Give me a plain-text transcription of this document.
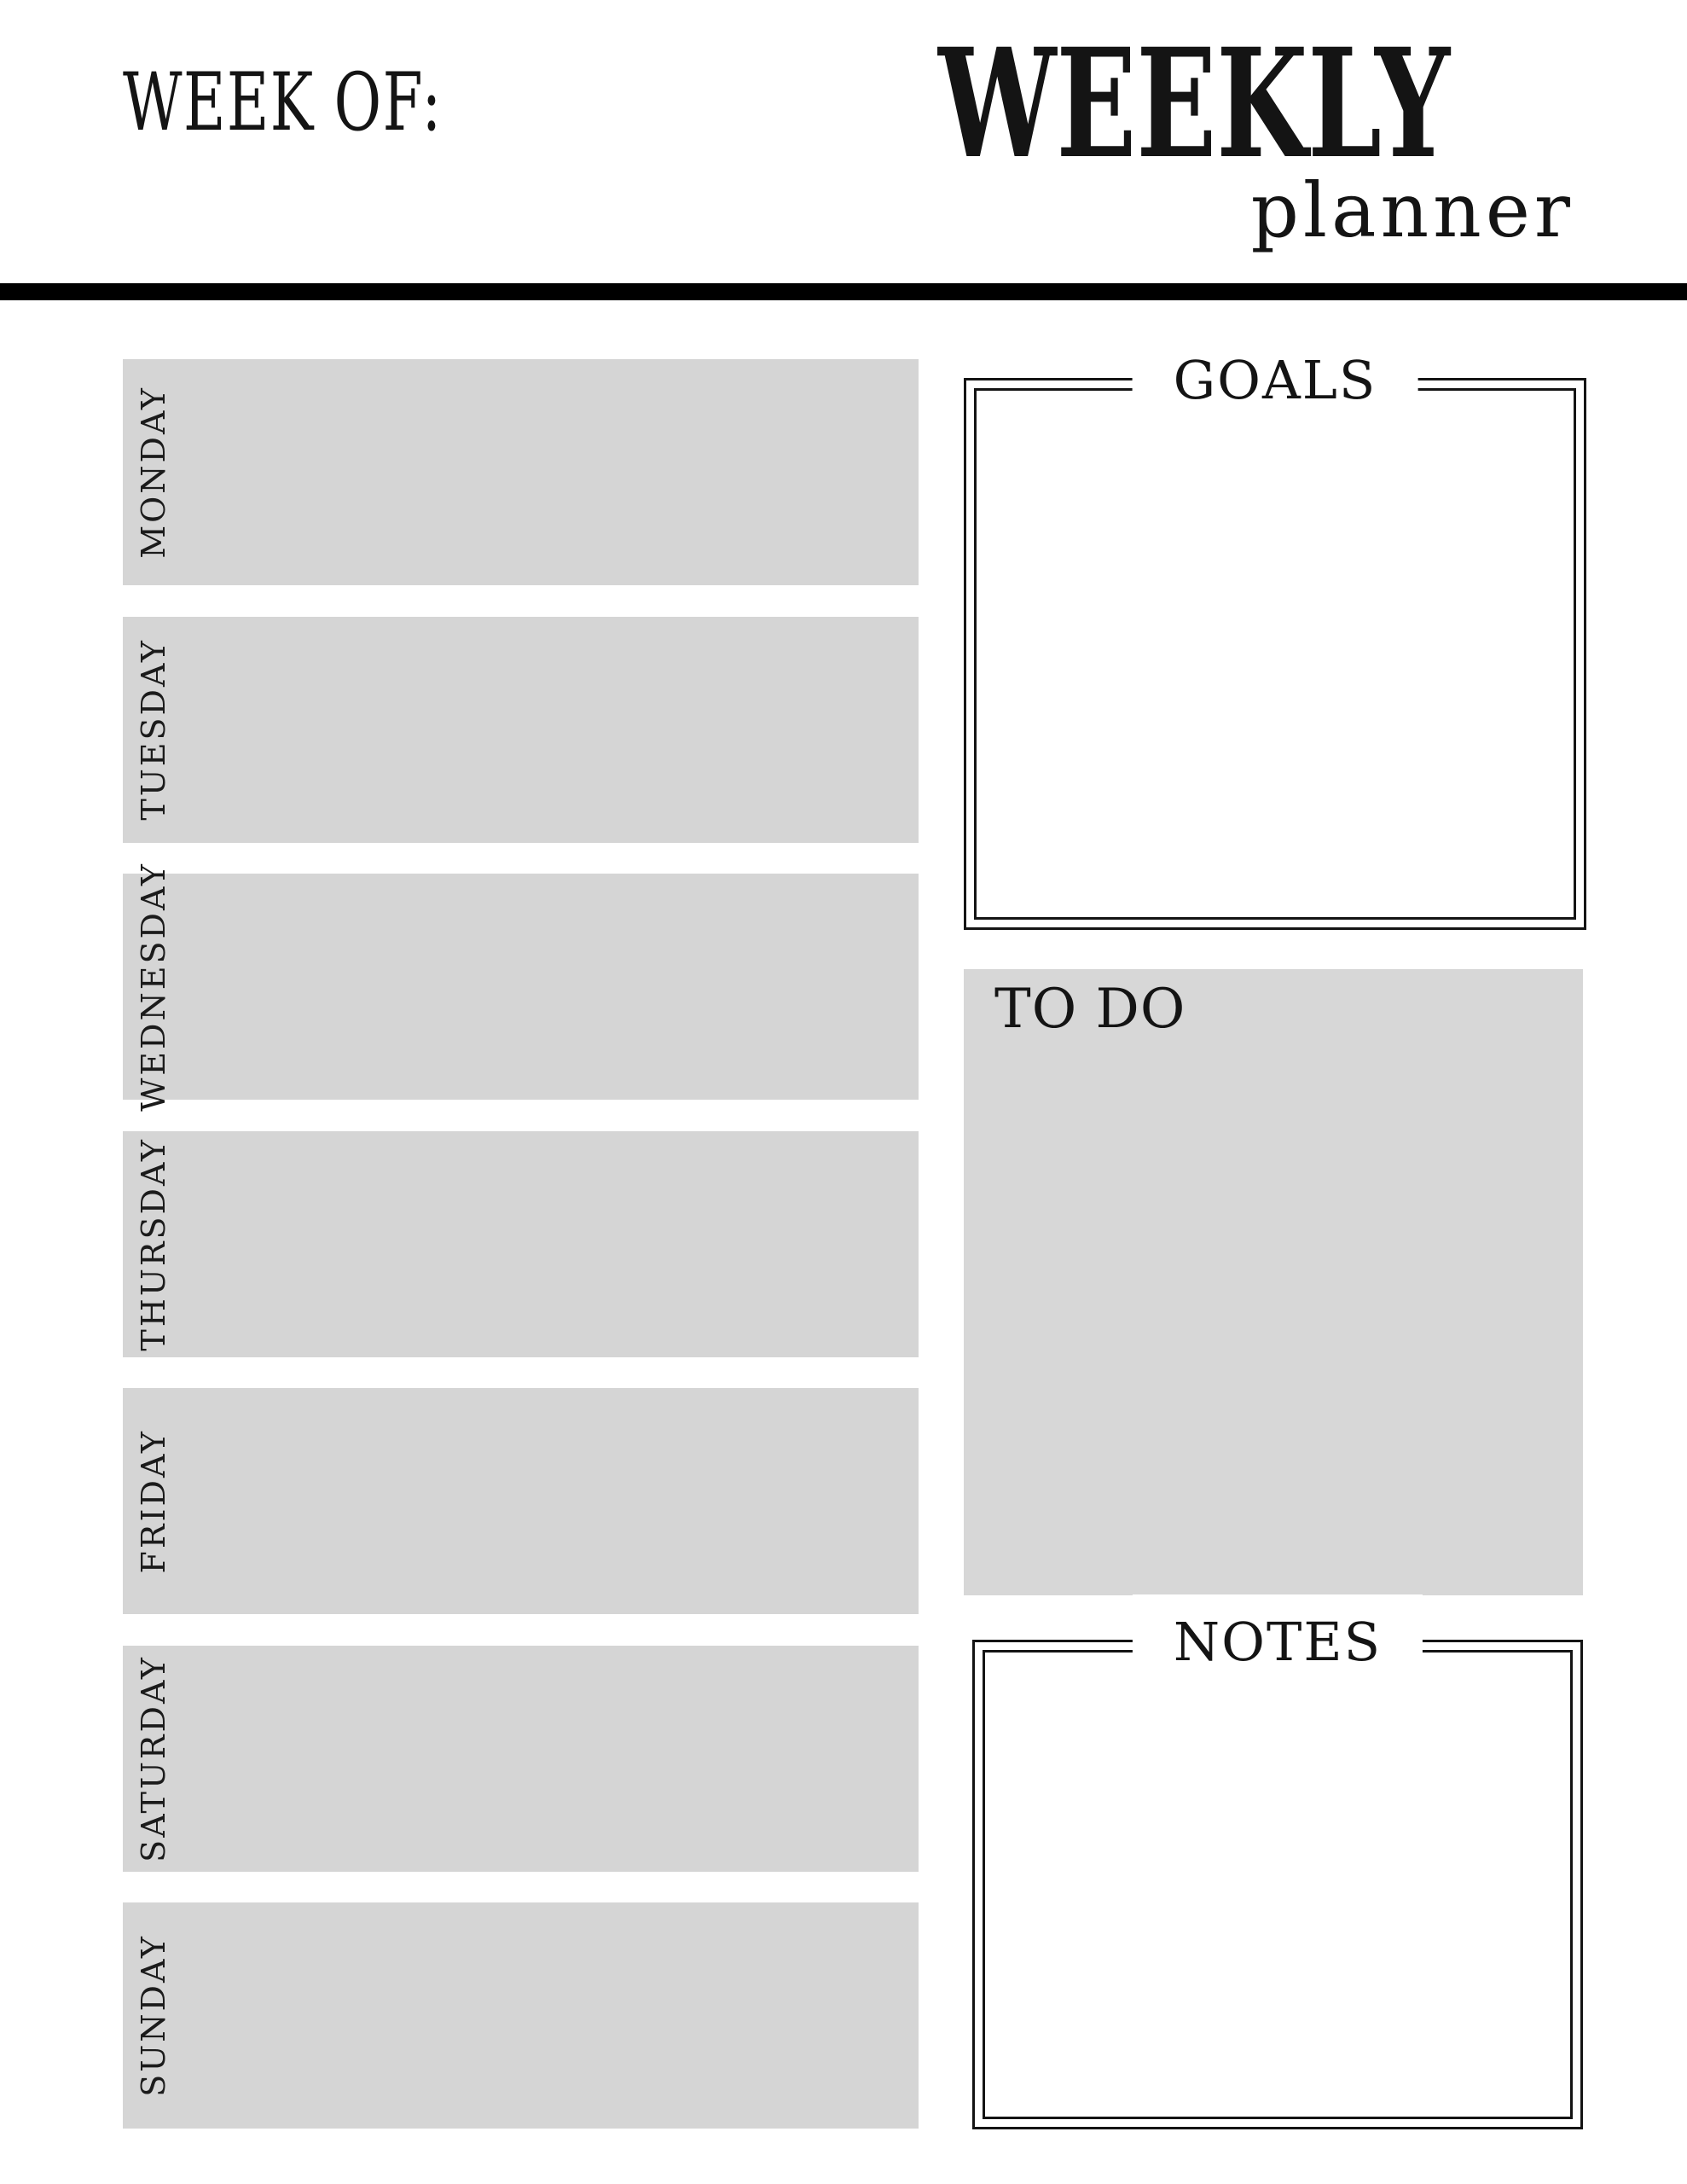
WEEK OF:	WEEKLY
planner
MONDAY
TUESDAY
WEDNESDAY
THURSDAY
FRIDAY
SATURDAY
SUNDAY
GOALS
TO DO
NOTES
